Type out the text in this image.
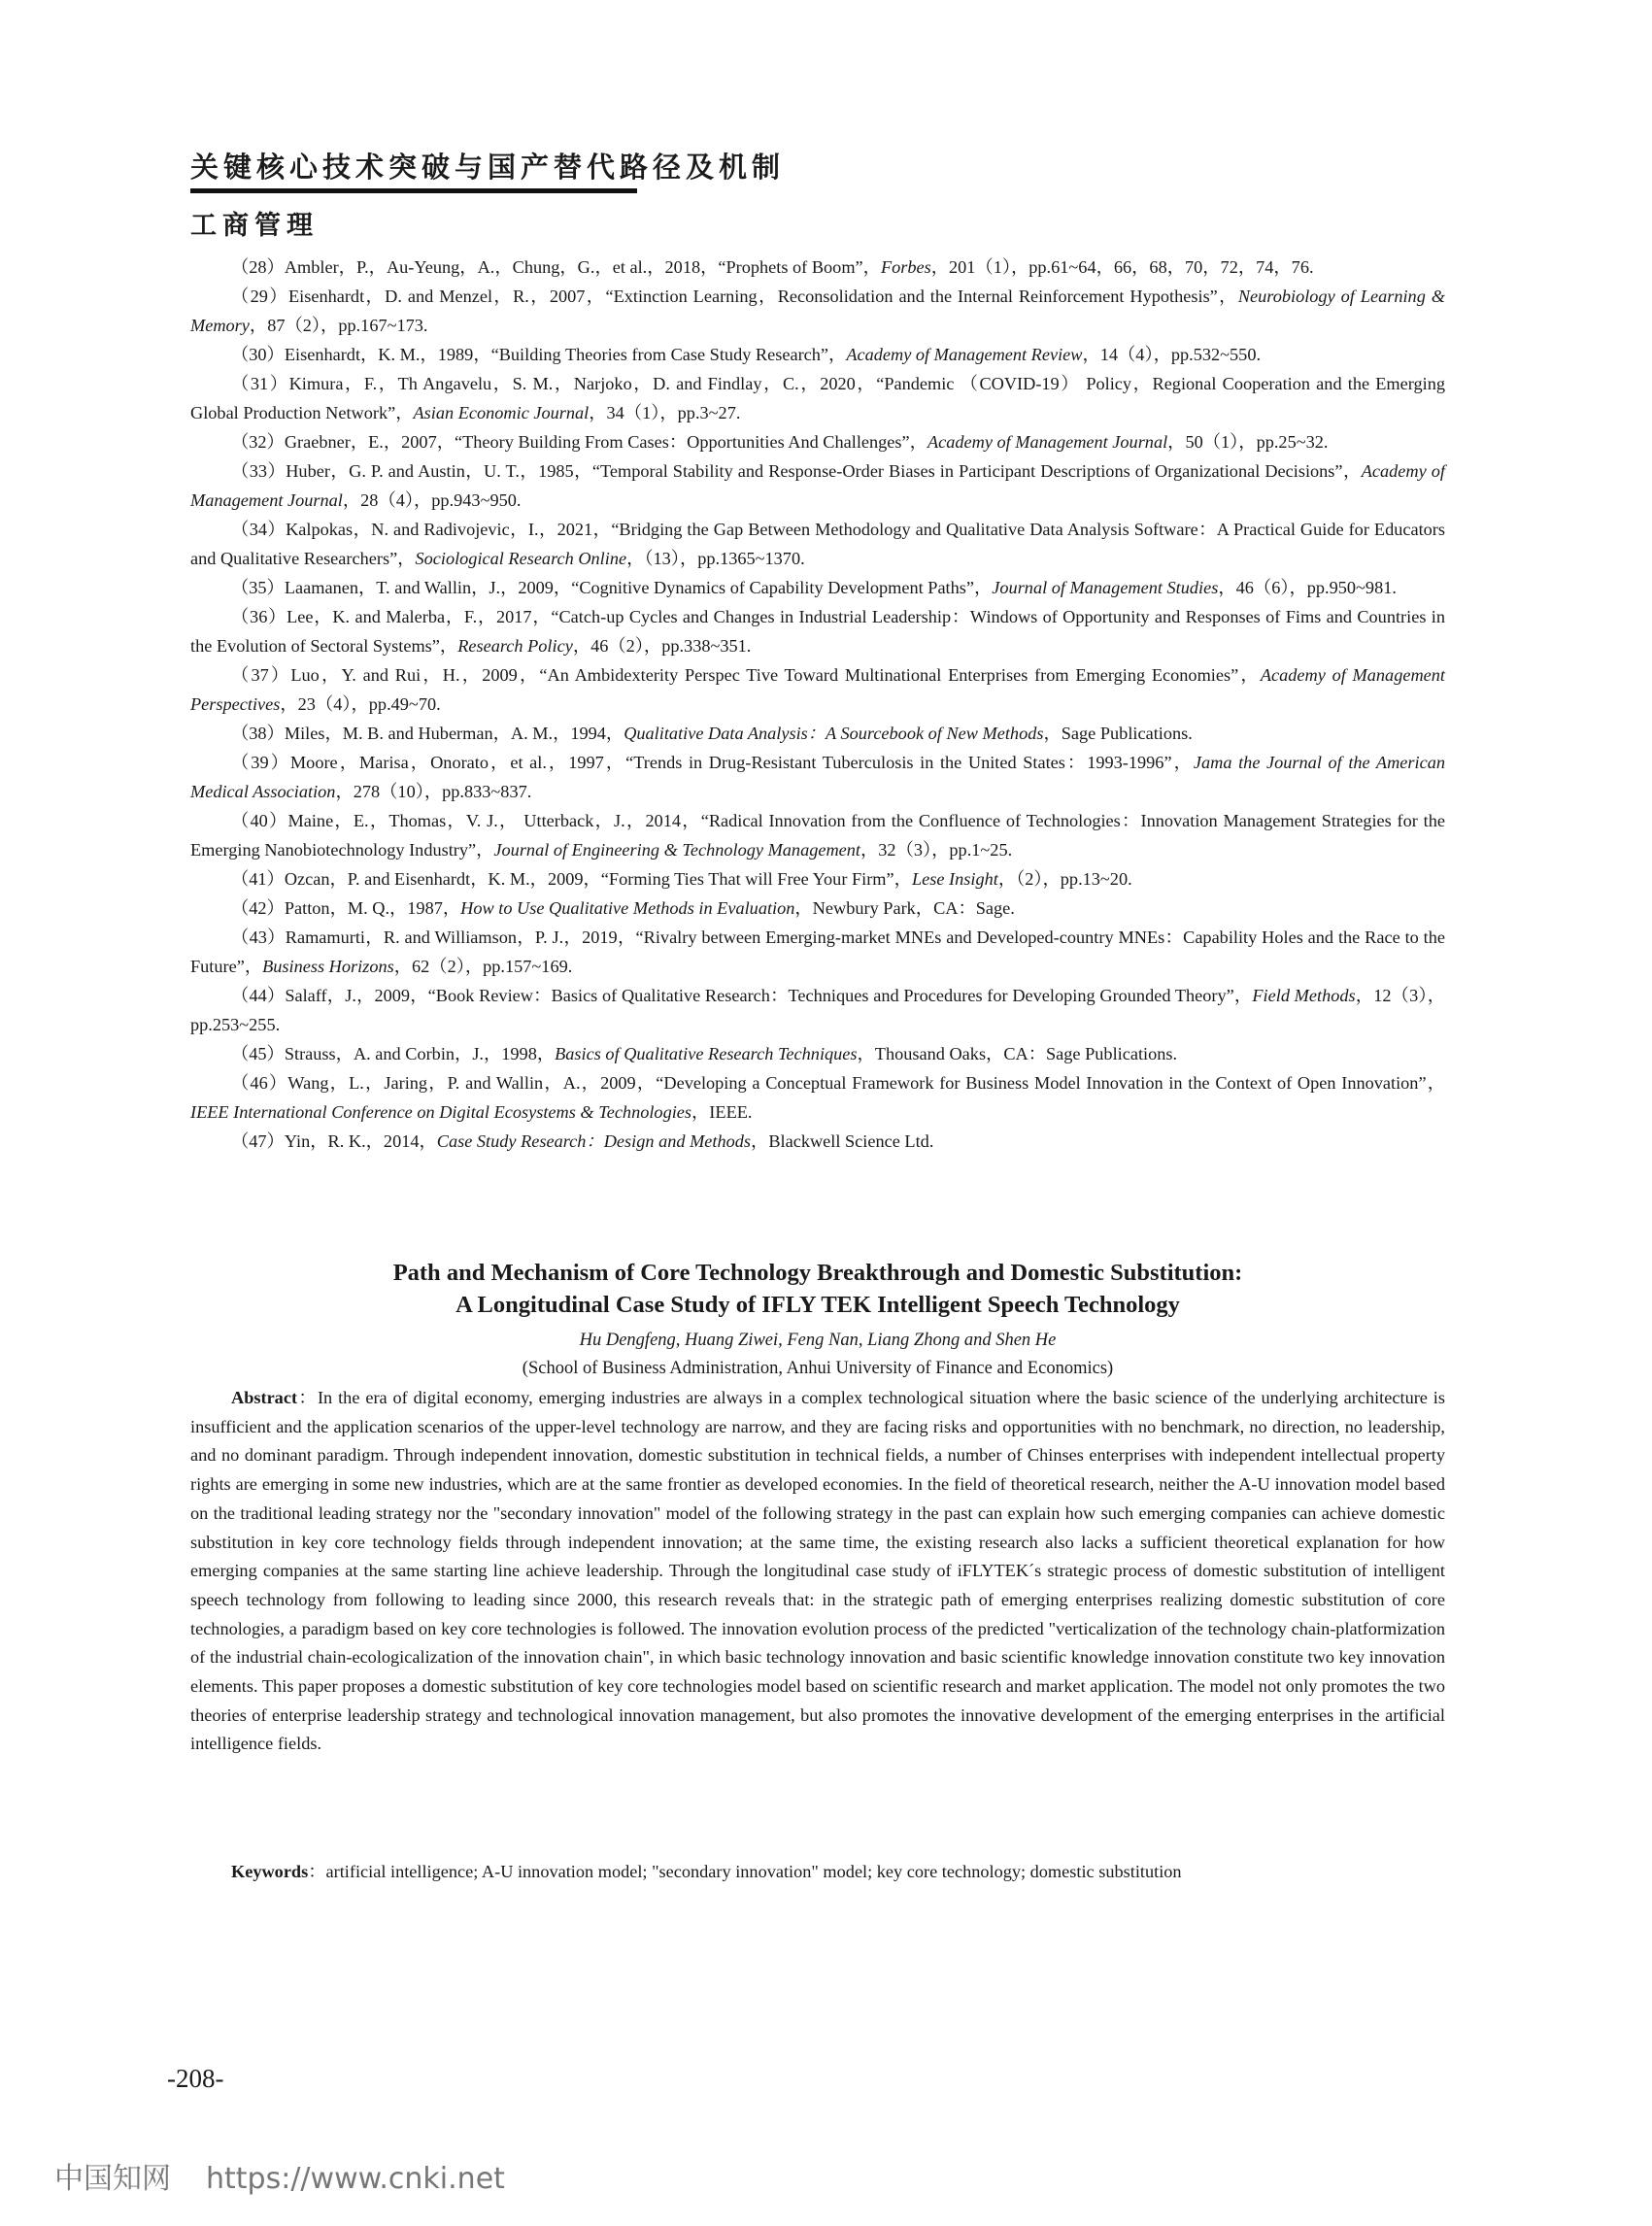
关键核心技术突破与国产替代路径及机制
工商管理

（28）Ambler，P.，Au-Yeung，A.，Chung，G.，et al.，2018，“Prophets of Boom”，Forbes，201（1），pp.61~64，66，68，70，72，74，76.

（29）Eisenhardt，D. and Menzel，R.，2007，“Extinction Learning，Reconsolidation and the Internal Reinforcement Hypothesis”，Neurobiology of Learning & Memory，87（2），pp.167~173.

（30）Eisenhardt，K. M.，1989，“Building Theories from Case Study Research”，Academy of Management Review，14（4），pp.532~550.

（31）Kimura，F.，Th Angavelu，S. M.，Narjoko，D. and Findlay，C.，2020，“Pandemic （COVID-19） Policy，Regional Cooperation and the Emerging Global Production Network”，Asian Economic Journal，34（1），pp.3~27.

（32）Graebner，E.，2007，“Theory Building From Cases：Opportunities And Challenges”，Academy of Management Journal，50（1），pp.25~32.

（33）Huber，G. P. and Austin，U. T.，1985，“Temporal Stability and Response-Order Biases in Participant Descriptions of Organizational Decisions”，Academy of Management Journal，28（4），pp.943~950.

（34）Kalpokas，N. and Radivojevic，I.，2021，“Bridging the Gap Between Methodology and Qualitative Data Analysis Software：A Practical Guide for Educators and Qualitative Researchers”，Sociological Research Online，（13），pp.1365~1370.

（35）Laamanen，T. and Wallin，J.，2009，“Cognitive Dynamics of Capability Development Paths”，Journal of Management Studies，46（6），pp.950~981.

（36）Lee，K. and Malerba，F.，2017，“Catch-up Cycles and Changes in Industrial Leadership：Windows of Opportunity and Responses of Fims and Countries in the Evolution of Sectoral Systems”，Research Policy，46（2），pp.338~351.

（37）Luo，Y. and Rui，H.，2009，“An Ambidexterity Perspec Tive Toward Multinational Enterprises from Emerging Economies”，Academy of Management Perspectives，23（4），pp.49~70.

（38）Miles，M. B. and Huberman，A. M.，1994，Qualitative Data Analysis：A Sourcebook of New Methods，Sage Publications.

（39）Moore，Marisa，Onorato，et al.，1997，“Trends in Drug-Resistant Tuberculosis in the United States：1993-1996”，Jama the Journal of the American Medical Association，278（10），pp.833~837.

（40）Maine，E.，Thomas，V. J.， Utterback，J.，2014，“Radical Innovation from the Confluence of Technologies：Innovation Management Strategies for the Emerging Nanobiotechnology Industry”，Journal of Engineering & Technology Management，32（3），pp.1~25.

（41）Ozcan，P. and Eisenhardt，K. M.，2009，“Forming Ties That will Free Your Firm”，Lese Insight，（2），pp.13~20.

（42）Patton，M. Q.，1987，How to Use Qualitative Methods in Evaluation，Newbury Park，CA：Sage.

（43）Ramamurti，R. and Williamson，P. J.，2019，“Rivalry between Emerging-market MNEs and Developed-country MNEs：Capability Holes and the Race to the Future”，Business Horizons，62（2），pp.157~169.

（44）Salaff，J.，2009，“Book Review：Basics of Qualitative Research：Techniques and Procedures for Developing Grounded Theory”，Field Methods，12（3），pp.253~255.

（45）Strauss，A. and Corbin，J.，1998，Basics of Qualitative Research Techniques，Thousand Oaks，CA：Sage Publications.

（46）Wang，L.，Jaring，P. and Wallin，A.，2009，“Developing a Conceptual Framework for Business Model Innovation in the Context of Open Innovation”，IEEE International Conference on Digital Ecosystems & Technologies，IEEE.

（47）Yin，R. K.，2014，Case Study Research：Design and Methods，Blackwell Science Ltd.

Path and Mechanism of Core Technology Breakthrough and Domestic Substitution:
A Longitudinal Case Study of IFLY TEK Intelligent Speech Technology
Hu Dengfeng, Huang Ziwei, Feng Nan, Liang Zhong and Shen He
(School of Business Administration, Anhui University of Finance and Economics)

Abstract：In the era of digital economy, emerging industries are always in a complex technological situation where the basic science of the underlying architecture is insufficient and the application scenarios of the upper-level technology are narrow, and they are facing risks and opportunities with no benchmark, no direction, no leadership, and no dominant paradigm. Through independent innovation, domestic substitution in technical fields, a number of Chinses enterprises with independent intellectual property rights are emerging in some new industries, which are at the same frontier as developed economies. In the field of theoretical research, neither the A-U innovation model based on the traditional leading strategy nor the "secondary innovation" model of the following strategy in the past can explain how such emerging companies can achieve domestic substitution in key core technology fields through independent innovation; at the same time, the existing research also lacks a sufficient theoretical explanation for how emerging companies at the same starting line achieve leadership. Through the longitudinal case study of iFLYTEK´s strategic process of domestic substitution of intelligent speech technology from following to leading since 2000, this research reveals that: in the strategic path of emerging enterprises realizing domestic substitution of core technologies, a paradigm based on key core technologies is followed. The innovation evolution process of the predicted "verticalization of the technology chain-platformization of the industrial chain-ecologicalization of the innovation chain", in which basic technology innovation and basic scientific knowledge innovation constitute two key innovation elements. This paper proposes a domestic substitution of key core technologies model based on scientific research and market application. The model not only promotes the two theories of enterprise leadership strategy and technological innovation management, but also promotes the innovative development of the emerging enterprises in the artificial intelligence fields.

Keywords：artificial intelligence; A-U innovation model; "secondary innovation" model; key core technology; domestic substitution

-208-
中国知网 https://www.cnki.net
